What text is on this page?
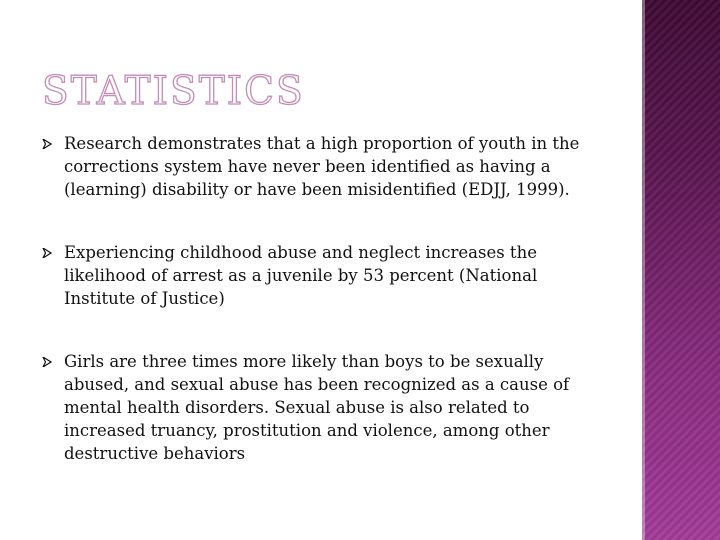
STATISTICS
Research demonstrates that a high proportion of youth in the corrections system have never been identified as having a (learning) disability or have been misidentified (EDJJ, 1999).
Experiencing childhood abuse and neglect increases the likelihood of arrest as a juvenile by 53 percent (National Institute of Justice)
Girls are three times more likely than boys to be sexually abused, and sexual abuse has been recognized as a cause of mental health disorders. Sexual abuse is also related to increased truancy, prostitution and violence, among other destructive behaviors
